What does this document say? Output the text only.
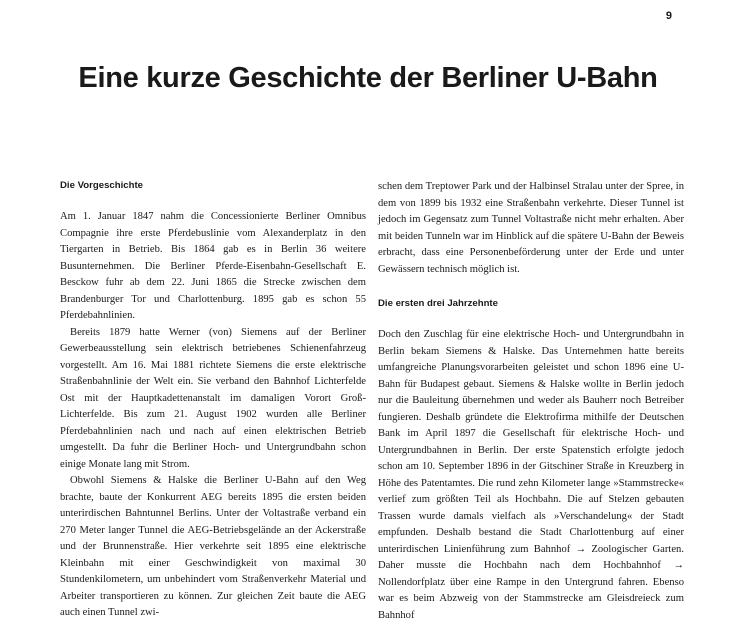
9
Eine kurze Geschichte der Berliner U-Bahn
Die Vorgeschichte

Am 1. Januar 1847 nahm die Concessionierte Berliner Omnibus Compagnie ihre erste Pferdebuslinie vom Alexanderplatz in den Tiergarten in Betrieb. Bis 1864 gab es in Berlin 36 weitere Busunternehmen. Die Berliner Pferde-Eisenbahn-Gesellschaft E. Besckow fuhr ab dem 22. Juni 1865 die Strecke zwischen dem Brandenburger Tor und Charlottenburg. 1895 gab es schon 55 Pferdebahnlinien.

Bereits 1879 hatte Werner (von) Siemens auf der Berliner Gewerbeausstellung sein elektrisch betriebenes Schienenfahrzeug vorgestellt. Am 16. Mai 1881 richtete Siemens die erste elektrische Straßenbahnlinie der Welt ein. Sie verband den Bahnhof Lichterfelde Ost mit der Hauptkadettenanstalt im damaligen Vorort Groß-Lichterfelde. Bis zum 21. August 1902 wurden alle Berliner Pferdebahnlinien nach und nach auf einen elektrischen Betrieb umgestellt. Da fuhr die Berliner Hoch- und Untergrundbahn schon einige Monate lang mit Strom.

Obwohl Siemens & Halske die Berliner U-Bahn auf den Weg brachte, baute der Konkurrent AEG bereits 1895 die ersten beiden unterirdischen Bahntunnel Berlins. Unter der Voltastraße verband ein 270 Meter langer Tunnel die AEG-Betriebsgelände an der Ackerstraße und der Brunnenstraße. Hier verkehrte seit 1895 eine elektrische Kleinbahn mit einer Geschwindigkeit von maximal 30 Stundenkilometern, um unbehindert vom Straßenverkehr Material und Arbeiter transportieren zu können. Zur gleichen Zeit baute die AEG auch einen Tunnel zwi-

schen dem Treptower Park und der Halbinsel Stralau unter der Spree, in dem von 1899 bis 1932 eine Straßenbahn verkehrte. Dieser Tunnel ist jedoch im Gegensatz zum Tunnel Voltastraße nicht mehr erhalten. Aber mit beiden Tunneln war im Hinblick auf die spätere U-Bahn der Beweis erbracht, dass eine Personenbeförderung unter der Erde und unter Gewässern technisch möglich ist.

Die ersten drei Jahrzehnte

Doch den Zuschlag für eine elektrische Hoch- und Untergrundbahn in Berlin bekam Siemens & Halske. Das Unternehmen hatte bereits umfangreiche Planungsvorarbeiten geleistet und schon 1896 eine U-Bahn für Budapest gebaut. Siemens & Halske wollte in Berlin jedoch nur die Bauleitung übernehmen und weder als Bauherr noch Betreiber fungieren. Deshalb gründete die Elektrofirma mithilfe der Deutschen Bank im April 1897 die Gesellschaft für elektrische Hoch- und Untergrundbahnen in Berlin. Der erste Spatenstich erfolgte jedoch schon am 10. September 1896 in der Gitschiner Straße in Kreuzberg in Höhe des Patentamtes. Die rund zehn Kilometer lange »Stammstrecke« verlief zum größten Teil als Hochbahn. Die auf Stelzen gebauten Trassen wurde damals vielfach als »Verschandelung« der Stadt empfunden. Deshalb bestand die Stadt Charlottenburg auf einer unterirdischen Linienführung zum Bahnhof → Zoologischer Garten. Daher musste die Hochbahn nach dem Hochbahnhof → Nollendorfplatz über eine Rampe in den Untergrund fahren. Ebenso war es beim Abzweig von der Stammstrecke am Gleisdreieck zum Bahnhof
